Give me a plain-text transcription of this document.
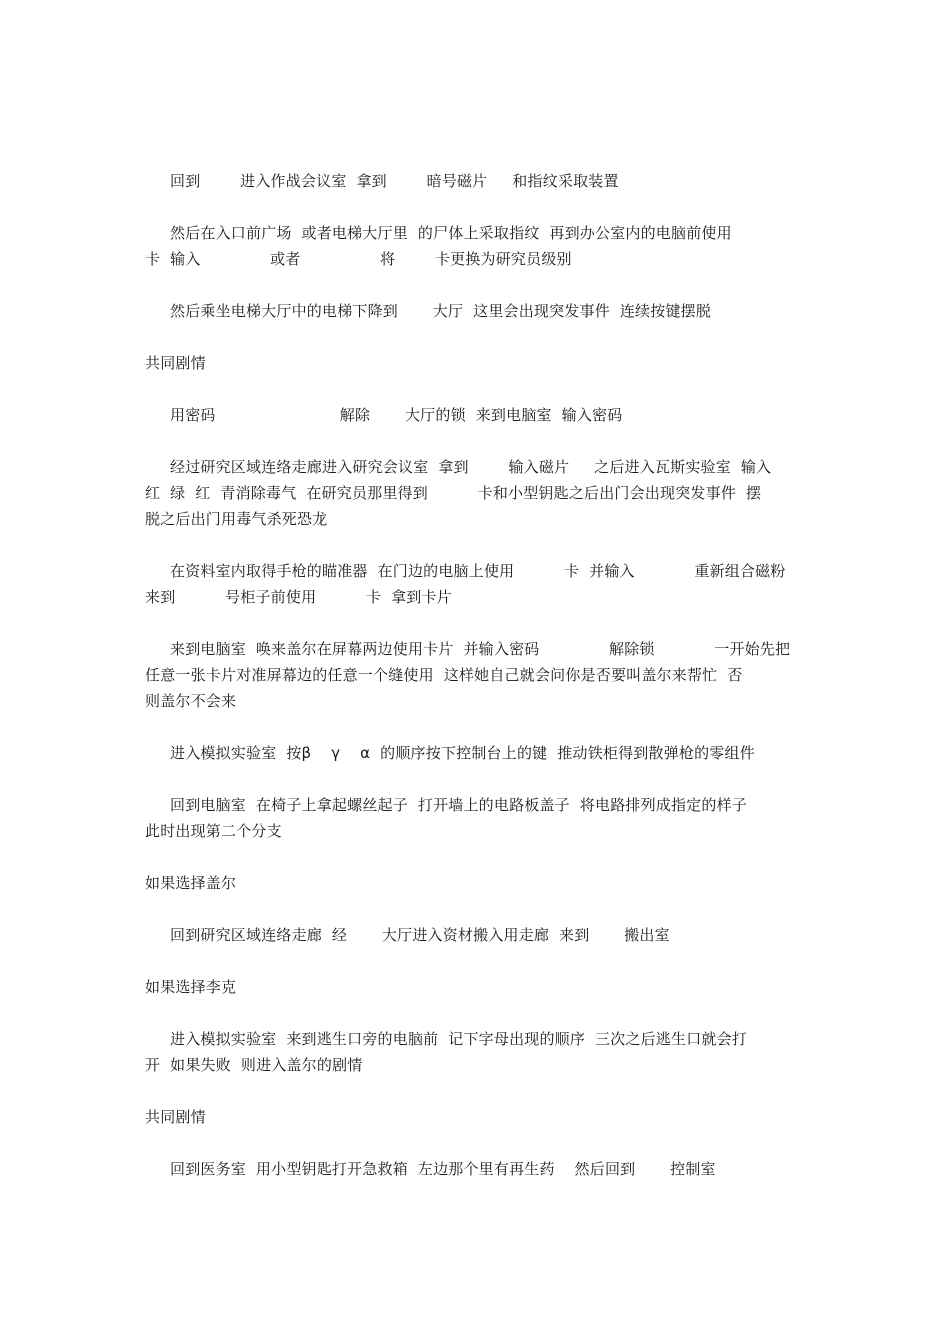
回到        进入作战会议室  拿到        暗号磁片     和指纹采取装置
然后在入口前广场  或者电梯大厅里  的尸体上采取指纹  再到办公室内的电脑前使用
卡  输入              或者                将        卡更换为研究员级别
然后乘坐电梯大厅中的电梯下降到       大厅  这里会出现突发事件  连续按键摆脱
共同剧情
用密码                         解除       大厅的锁  来到电脑室  输入密码
经过研究区域连络走廊进入研究会议室  拿到        输入磁片     之后进入瓦斯实验室  输入
红  绿  红  青消除毒气  在研究员那里得到          卡和小型钥匙之后出门会出现突发事件  摆
脱之后出门用毒气杀死恐龙
在资料室内取得手枪的瞄准器  在门边的电脑上使用          卡  并输入            重新组合磁粉
来到          号柜子前使用          卡  拿到卡片
来到电脑室  唤来盖尔在屏幕两边使用卡片  并输入密码              解除锁            一开始先把
任意一张卡片对准屏幕边的任意一个缝使用  这样她自己就会问你是否要叫盖尔来帮忙  否
则盖尔不会来
进入模拟实验室  按β    γ    α  的顺序按下控制台上的键  推动铁柜得到散弹枪的零组件
回到电脑室  在椅子上拿起螺丝起子  打开墙上的电路板盖子  将电路排列成指定的样子
此时出现第二个分支
如果选择盖尔
回到研究区域连络走廊  经       大厅进入资材搬入用走廊  来到       搬出室
如果选择李克
进入模拟实验室  来到逃生口旁的电脑前  记下字母出现的顺序  三次之后逃生口就会打
开  如果失败  则进入盖尔的剧情
共同剧情
回到医务室  用小型钥匙打开急救箱  左边那个里有再生药    然后回到       控制室
